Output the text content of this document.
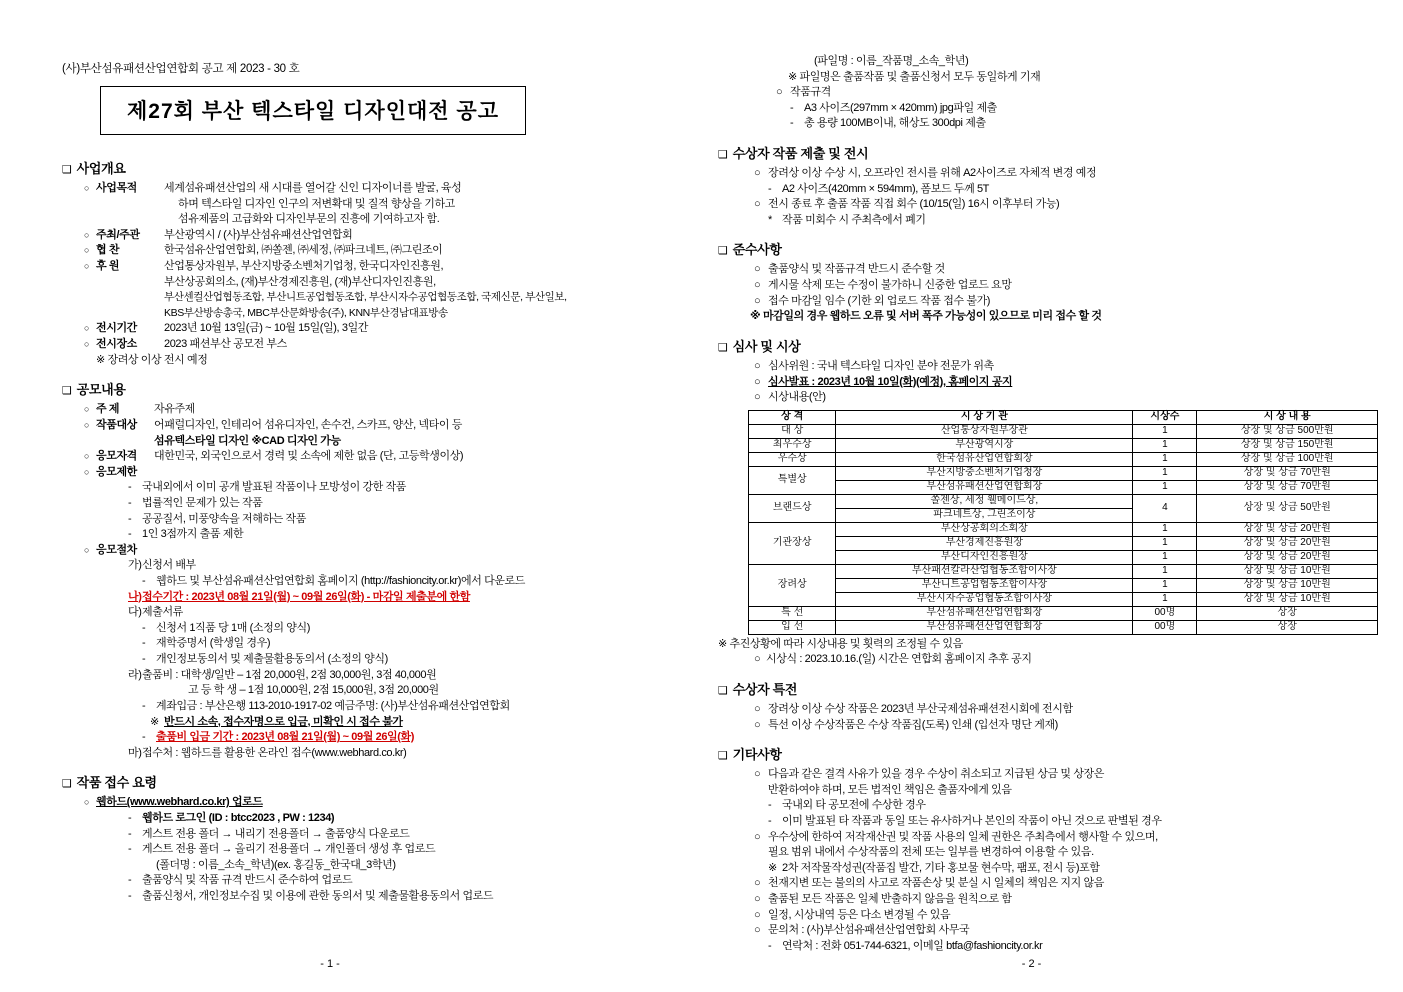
(사)부산섬유패션산업연합회 공고 제 2023 - 30 호
제27회 부산 텍스타일 디자인대전 공고
❑ 사업개요
○ 사업목적	세계섬유패션산업의 새 시대를 열어갈 신인 디자이너를 발굴, 육성

하며 텍스타일 디자인 인구의 저변확대 및 질적 향상을 기하고
섬유제품의 고급화와 디자인부문의 진흥에 기여하고자 함.
○ 주최/주관	부산광역시 / (사)부산섬유패션산업연합회
○ 협 찬	한국섬유산업연합회, ㈜쏠젠, ㈜세정, ㈜파크네트, ㈜그린조이
○ 후 원	산업통상자원부, 부산지방중소벤처기업청, 한국디자인진흥원,
부산상공회의소, (재)부산경제진흥원, (재)부산디자인진흥원,
부산센컬산업협동조합, 부산니트공업협동조합, 부산시자수공업협동조합, 국제신문, 부산일보,
KBS부산방송총국, MBC부산문화방송(주), KNN부산경남대표방송
○ 전시기간	2023년 10월 13일(금) ~ 10월 15일(일), 3일간
○ 전시장소	2023 패션부산 공모전 부스
※ 장려상 이상 전시 예정
❑ 공모내용
○ 주 제	자유주제
○ 작품대상	어패럴디자인, 인테리어 섬유디자인, 손수건, 스카프, 양산, 넥타이 등
섬유텍스타일 디자인 ※CAD 디자인 가능
○ 응모자격	대한민국, 외국인으로서 경력 및 소속에 제한 없음 (단, 고등학생이상)
○ 응모제한
- 국내외에서 이미 공개 발표된 작품이나 모방성이 강한 작품
- 법률적인 문제가 있는 작품
- 공공질서, 미풍양속을 저해하는 작품
- 1인 3점까지 출품 제한
○ 응모절차
가) 신청서 배부
- 웹하드 및 부산섬유패션산업연합회 홈페이지 (http://fashioncity.or.kr)에서 다운로드
나) 접수기간 : 2023년 08월 21일(월) ~ 09월 26일(화) - 마감일 제출분에 한함
다) 제출서류
- 신청서 1직품 당 1매 (소정의 양식)
- 재학증명서 (학생일 경우)
- 개인정보동의서 및 제출물활용동의서 (소정의 양식)
라) 출품비 : 대학생/일반 – 1점 20,000원, 2점 30,000원, 3점 40,000원
고 등 학 생 – 1점 10,000원, 2점 15,000원, 3점 20,000원
- 계좌입금 : 부산은행 113-2010-1917-02 예금주명: (사)부산섬유패션산업연합회
※ 반드시 소속, 접수자명으로 입금, 미확인 시 접수 불가
- 출품비 입금 기간 : 2023년 08월 21일(월) ~ 09월 26일(화)
마) 접수처 : 웹하드를 활용한 온라인 접수(www.webhard.co.kr)
❑ 작품 접수 요령
○ 웹하드(www.webhard.co.kr) 업로드
- 웹하드 로그인 (ID : btcc2023 , PW : 1234)
- 게스트 전용 폴더 → 내리기 전용폴더 → 출품양식 다운로드
- 게스트 전용 폴더 → 올리기 전용폴더 → 개인폴더 생성 후 업로드
(폴더명 : 이름_소속_학년)(ex. 홍길동_한국대_3학년)
- 출품양식 및 작품 규격 반드시 준수하여 업로드
- 출품신청서, 개인정보수집 및 이용에 관한 동의서 및 제출물활용동의서 업로드
- 1 -
(파일명 : 이름_작품명_소속_학년)
※ 파일명은 출품작품 및 출품신청서 모두 동일하게 기재
○ 작품규격
- A3 사이즈(297mm × 420mm) jpg파일 제출
- 총 용량 100MB이내, 해상도 300dpi 제출
❑ 수상자 작품 제출 및 전시
○ 장려상 이상 수상 시, 오프라인 전시를 위해 A2사이즈로 자체적 변경 예정
- A2 사이즈(420mm × 594mm), 폼보드 두께 5T
○ 전시 종료 후 출품 작품 직접 회수 (10/15(일) 16시 이후부터 가능)
* 작품 미회수 시 주최측에서 폐기
❑ 준수사항
○ 출품양식 및 작품규격 반드시 준수할 것
○ 게시물 삭제 또는 수정이 불가하니 신중한 업로드 요망
○ 접수 마감일 임수 (기한 외 업로드 작품 접수 불가)
※ 마감일의 경우 웹하드 오류 및 서버 폭주 가능성이 있으므로 미리 접수 할 것
❑ 심사 및 시상
○ 심사위원 : 국내 텍스타일 디자인 분야 전문가 위촉
○ 심사발표 : 2023년 10월 10일(화)(예정), 홈페이지 공지
○ 시상내용(안)
상 격	시 상 기 관	시상수	시 상 내 용
대 상	산업통상자원부장관	1	상장 및 상금 500만원
최우수상	부산광역시장	1	상장 및 상금 150만원
우수상	한국섬유산업연합회장	1	상장 및 상금 100만원
특별상	부산지방중소벤처기업청장	1	상장 및 상금 70만원
	부산섬유패션산업연합회장	1	상장 및 상금 70만원
브랜드상	쏠젠상, 세정 웰메이드상,	4	상장 및 상금 50만원
	파크네트상, 그린조이상		
기관장상	부산상공회의소회장	1	상장 및 상금 20만원
	부산경제진흥원장	1	상장 및 상금 20만원
	부산디자인진흥원장	1	상장 및 상금 20만원
장려상	부산패션칼라산업협동조합이사장	1	상장 및 상금 10만원
	부산니트공업협동조합이사장	1	상장 및 상금 10만원
	부산시자수공업협동조합이사장	1	상장 및 상금 10만원
특 선	부산섬유패션산업연합회장	00명	상장
입 선	부산섬유패션산업연합회장	00명	상장
※ 추진상황에 따라 시상내용 및 횟력의 조정될 수 있음
○ 시상식 : 2023.10.16.(일) 시간은 연합회 홈페이지 추후 공지
❑ 수상자 특전
○ 장려상 이상 수상 작품은 2023년 부산국제섬유패션전시회에 전시함
○ 특선 이상 수상작품은 수상 작품집(도록) 인쇄 (입선자 명단 게재)
❑ 기타사항
○ 다음과 같은 결격 사유가 있을 경우 수상이 취소되고 지급된 상금 및 상장은
반환하여야 하며, 모든 법적인 책임은 출품자에게 있음
- 국내외 타 공모전에 수상한 경우
- 이미 발표된 타 작품과 동일 또는 유사하거나 본인의 작품이 아닌 것으로 판별된 경우
○ 우수상에 한하여 저작재산권 및 작품 사용의 일체 권한은 주최측에서 행사할 수 있으며,
필요 범위 내에서 수상작품의 전체 또는 일부를 변경하여 이용할 수 있음.
※ 2차 저작물작성권(작품집 발간, 기타 홍보물 현수막, 팸포, 전시 등)포함
○ 천재지변 또는 불의의 사고로 작품손상 및 분실 시 일체의 책임은 지지 않음
○ 출품된 모든 작품은 일체 반출하지 않음을 원칙으로 함
○ 일정, 시상내역 등은 다소 변경될 수 있음
○ 문의처 : (사)부산섬유패션산업연합회 사무국
- 연락처 : 전화 051-744-6321, 이메일 btfa@fashioncity.or.kr
- 2 -
